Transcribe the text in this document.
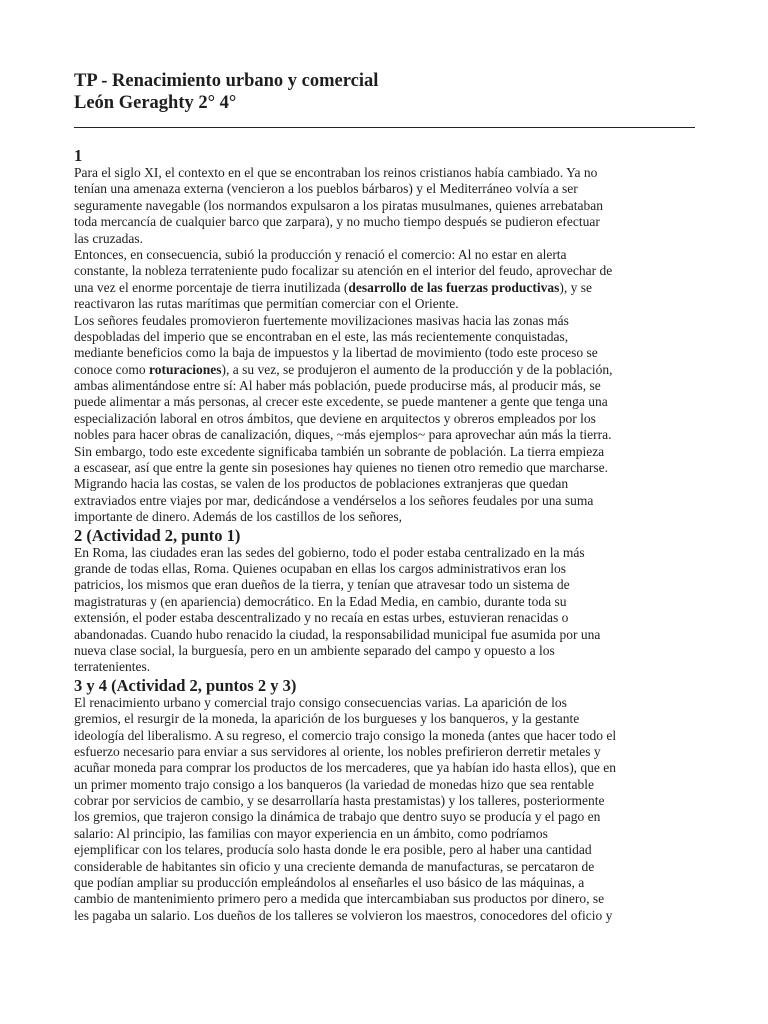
TP - Renacimiento urbano y comercial
León Geraghty 2° 4°
1
Para el siglo XI, el contexto en el que se encontraban los reinos cristianos había cambiado. Ya no
tenían una amenaza externa (vencieron a los pueblos bárbaros) y el Mediterráneo volvía a ser
seguramente navegable (los normandos expulsaron a los piratas musulmanes, quienes arrebataban
toda mercancía de cualquier barco que zarpara), y no mucho tiempo después se pudieron efectuar
las cruzadas.
Entonces, en consecuencia, subió la producción y renació el comercio: Al no estar en alerta
constante, la nobleza terrateniente pudo focalizar su atención en el interior del feudo, aprovechar de
una vez el enorme porcentaje de tierra inutilizada (desarrollo de las fuerzas productivas), y se
reactivaron las rutas marítimas que permitían comerciar con el Oriente.
Los señores feudales promovieron fuertemente movilizaciones masivas hacia las zonas más
despobladas del imperio que se encontraban en el este, las más recientemente conquistadas,
mediante beneficios como la baja de impuestos y la libertad de movimiento (todo este proceso se
conoce como roturaciones), a su vez, se produjeron el aumento de la producción y de la población,
ambas alimentándose entre sí: Al haber más población, puede producirse más, al producir más, se
puede alimentar a más personas, al crecer este excedente, se puede mantener a gente que tenga una
especialización laboral en otros ámbitos, que deviene en arquitectos y obreros empleados por los
nobles para hacer obras de canalización, diques, ~más ejemplos~ para aprovechar aún más la tierra.
Sin embargo, todo este excedente significaba también un sobrante de población. La tierra empieza
a escasear, así que entre la gente sin posesiones hay quienes no tienen otro remedio que marcharse.
Migrando hacia las costas, se valen de los productos de poblaciones extranjeras que quedan
extraviados entre viajes por mar, dedicándose a vendérselos a los señores feudales por una suma
importante de dinero. Además de los castillos de los señores,
2 (Actividad 2, punto 1)
En Roma, las ciudades eran las sedes del gobierno, todo el poder estaba centralizado en la más
grande de todas ellas, Roma. Quienes ocupaban en ellas los cargos administrativos eran los
patricios, los mismos que eran dueños de la tierra, y tenían que atravesar todo un sistema de
magistraturas y (en apariencia) democrático. En la Edad Media, en cambio, durante toda su
extensión, el poder estaba descentralizado y no recaía en estas urbes, estuvieran renacidas o
abandonadas. Cuando hubo renacido la ciudad, la responsabilidad municipal fue asumida por una
nueva clase social, la burguesía, pero en un ambiente separado del campo y opuesto a los
terratenientes.
3 y 4 (Actividad 2, puntos 2 y 3)
El renacimiento urbano y comercial trajo consigo consecuencias varias. La aparición de los
gremios, el resurgir de la moneda, la aparición de los burgueses y los banqueros, y la gestante
ideología del liberalismo. A su regreso, el comercio trajo consigo la moneda (antes que hacer todo el
esfuerzo necesario para enviar a sus servidores al oriente, los nobles prefirieron derretir metales y
acuñar moneda para comprar los productos de los mercaderes, que ya habían ido hasta ellos), que en
un primer momento trajo consigo a los banqueros (la variedad de monedas hizo que sea rentable
cobrar por servicios de cambio, y se desarrollaría hasta prestamistas) y los talleres, posteriormente
los gremios, que trajeron consigo la dinámica de trabajo que dentro suyo se producía y el pago en
salario: Al principio, las familias con mayor experiencia en un ámbito, como podríamos
ejemplificar con los telares, producía solo hasta donde le era posible, pero al haber una cantidad
considerable de habitantes sin oficio y una creciente demanda de manufacturas, se percataron de
que podían ampliar su producción empleándolos al enseñarles el uso básico de las máquinas, a
cambio de mantenimiento primero pero a medida que intercambiaban sus productos por dinero, se
les pagaba un salario. Los dueños de los talleres se volvieron los maestros, conocedores del oficio y
